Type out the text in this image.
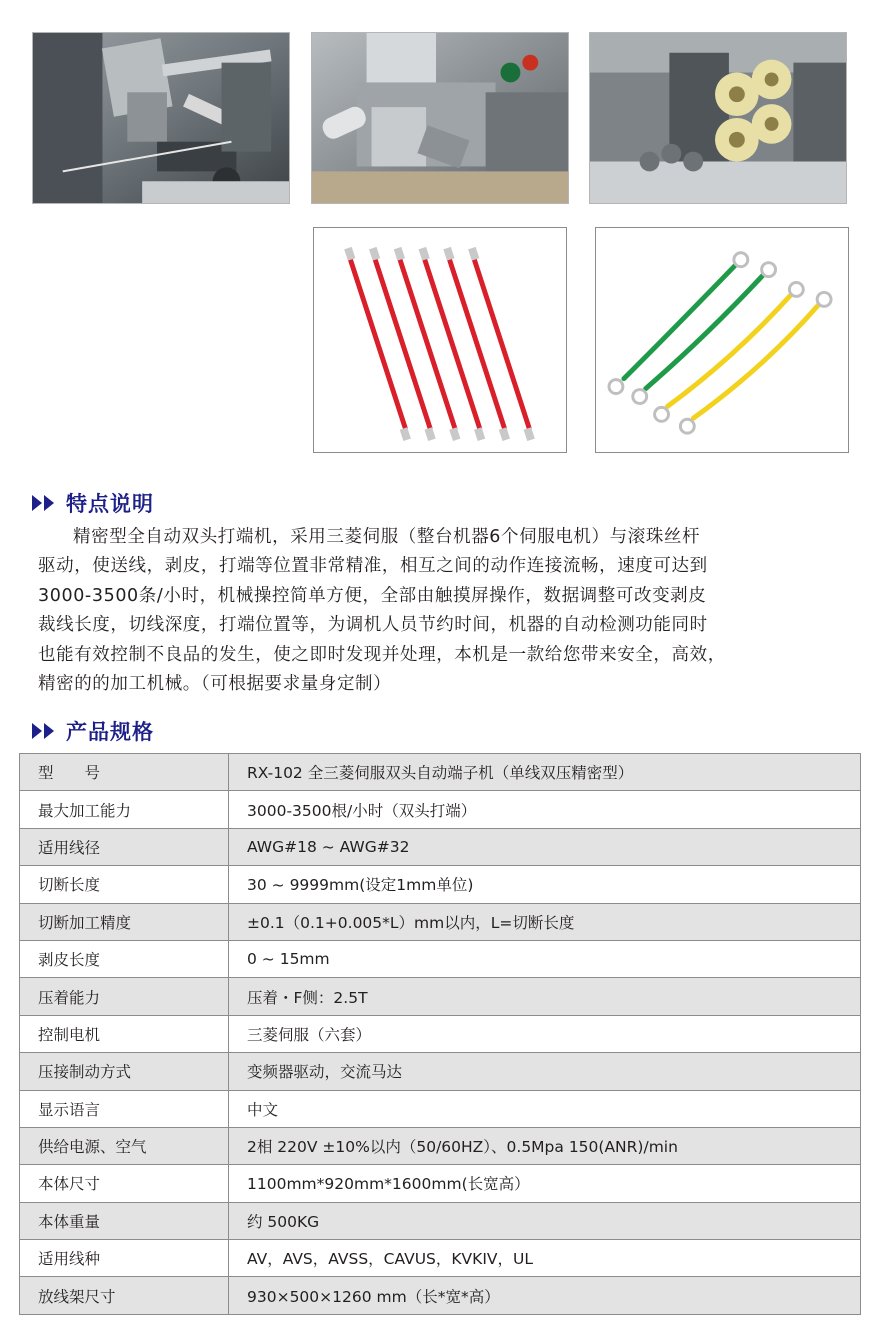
特点说明
精密型全自动双头打端机，采用三菱伺服（整台机器6个伺服电机）与滚珠丝杆
驱动，使送线，剥皮，打端等位置非常精准，相互之间的动作连接流畅，速度可达到
3000-3500条/小时，机械操控简单方便，全部由触摸屏操作，数据调整可改变剥皮
裁线长度，切线深度，打端位置等，为调机人员节约时间，机器的自动检测功能同时
也能有效控制不良品的发生，使之即时发现并处理，本机是一款给您带来安全，高效，
精密的的加工机械。（可根据要求量身定制）
产品规格
型　　号	RX-102 全三菱伺服双头自动端子机（单线双压精密型）
最大加工能力	3000-3500根/小时（双头打端）
适用线径	AWG#18 ~ AWG#32
切断长度	30 ~ 9999mm(设定1mm单位)
切断加工精度	±0.1（0.1+0.005*L）mm以内，L=切断长度
剥皮长度	0 ~ 15mm
压着能力	压着・F侧：2.5T
控制电机	三菱伺服（六套）
压接制动方式	变频器驱动，交流马达
显示语言	中文
供给电源、空气	2相 220V ±10%以内（50/60HZ）、0.5Mpa 150(ANR)/min
本体尺寸	1100mm*920mm*1600mm(长宽高）
本体重量	约 500KG
适用线种	AV，AVS，AVSS，CAVUS，KVKIV，UL
放线架尺寸	930×500×1260 mm（长*宽*高）
